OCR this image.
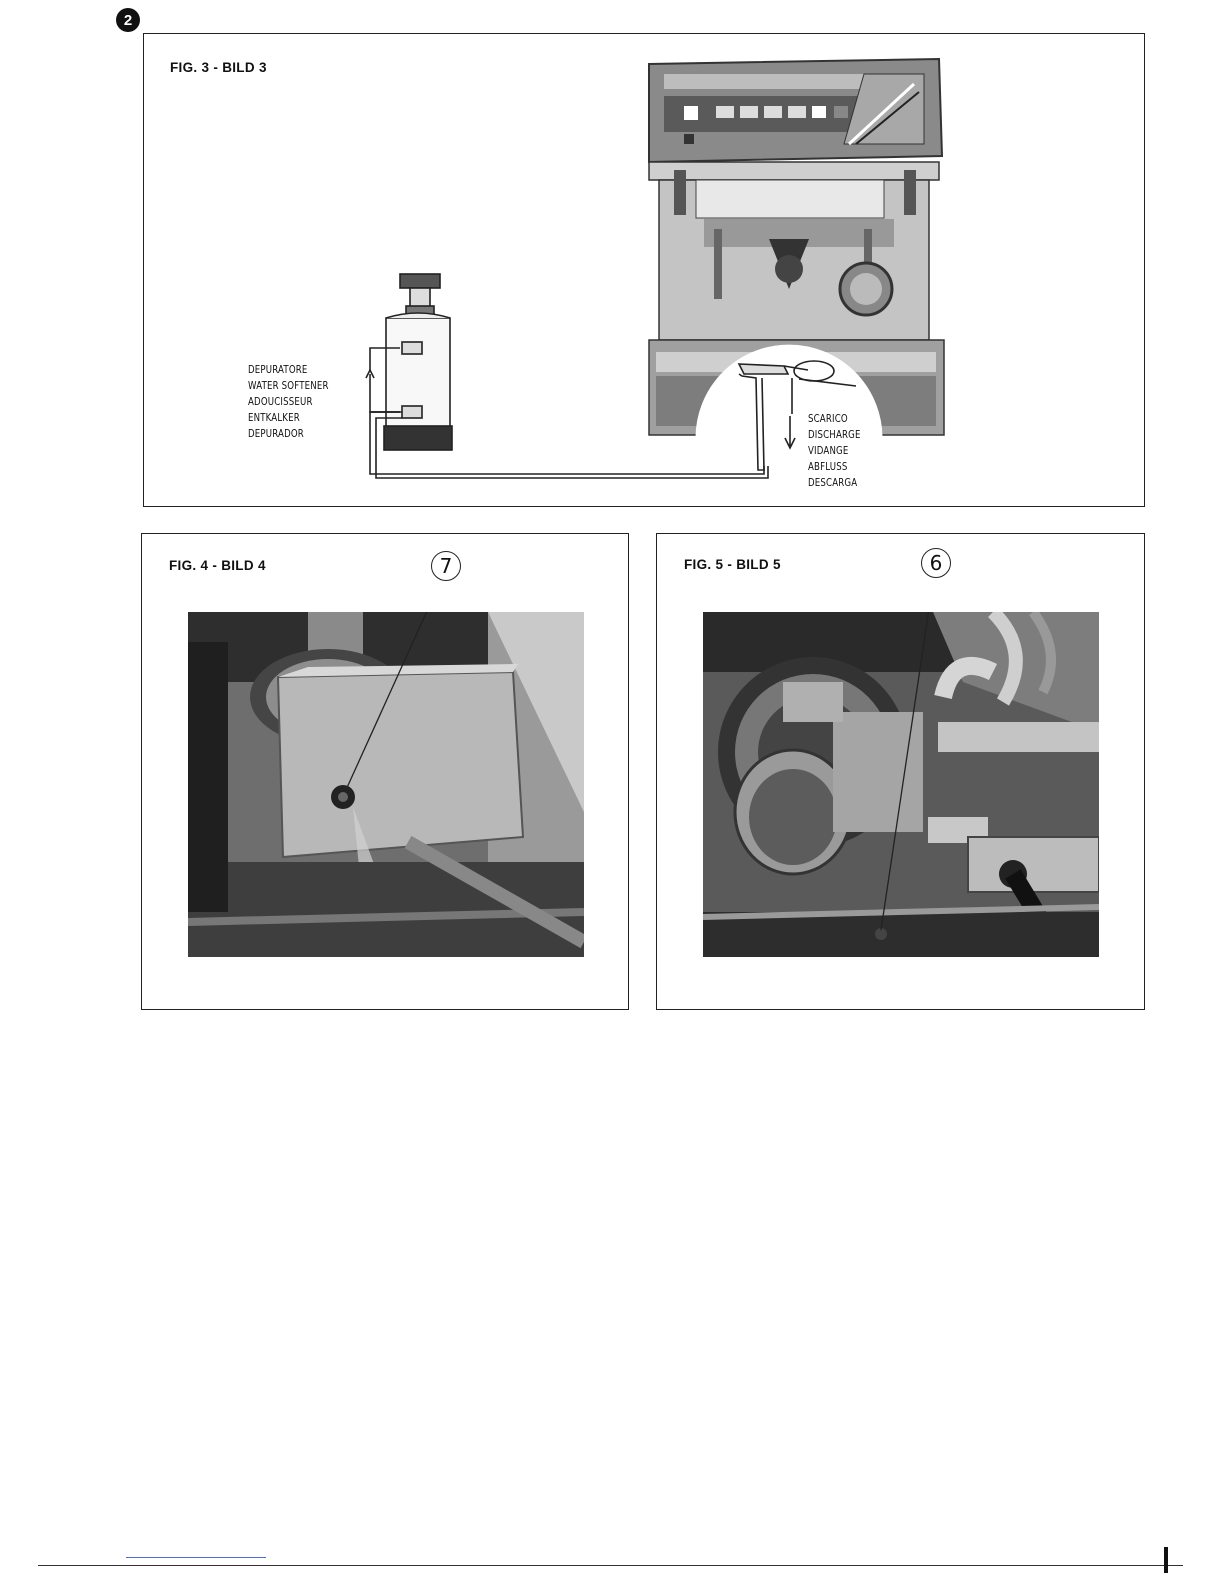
2
FIG. 3 - BILD 3
DEPURATORE
WATER SOFTENER
ADOUCISSEUR
ENTKALKER
DEPURADOR
SCARICO
DISCHARGE
VIDANGE
ABFLUSS
DESCARGA
FIG. 4 - BILD 4	7	FIG. 5 - BILD 5	6
